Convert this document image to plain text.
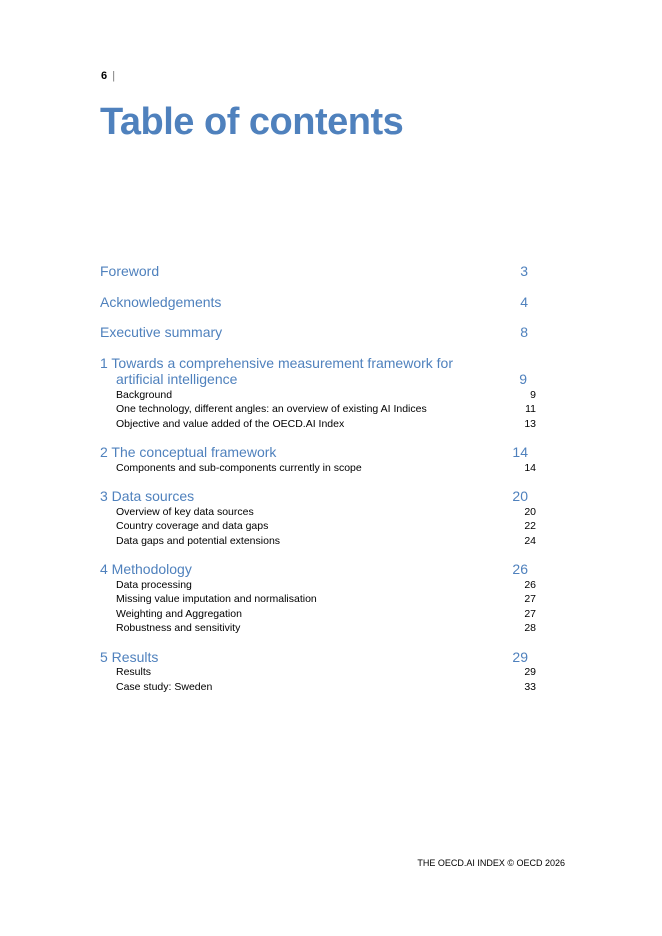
6 |
Table of contents
Foreword	3
Acknowledgements	4
Executive summary	8
1 Towards a comprehensive measurement framework for artificial intelligence	9
Background	9
One technology, different angles: an overview of existing AI Indices	11
Objective and value added of the OECD.AI Index	13
2 The conceptual framework	14
Components and sub-components currently in scope	14
3 Data sources	20
Overview of key data sources	20
Country coverage and data gaps	22
Data gaps and potential extensions	24
4 Methodology	26
Data processing	26
Missing value imputation and normalisation	27
Weighting and Aggregation	27
Robustness and sensitivity	28
5 Results	29
Results	29
Case study: Sweden	33
THE OECD.AI INDEX © OECD 2026
